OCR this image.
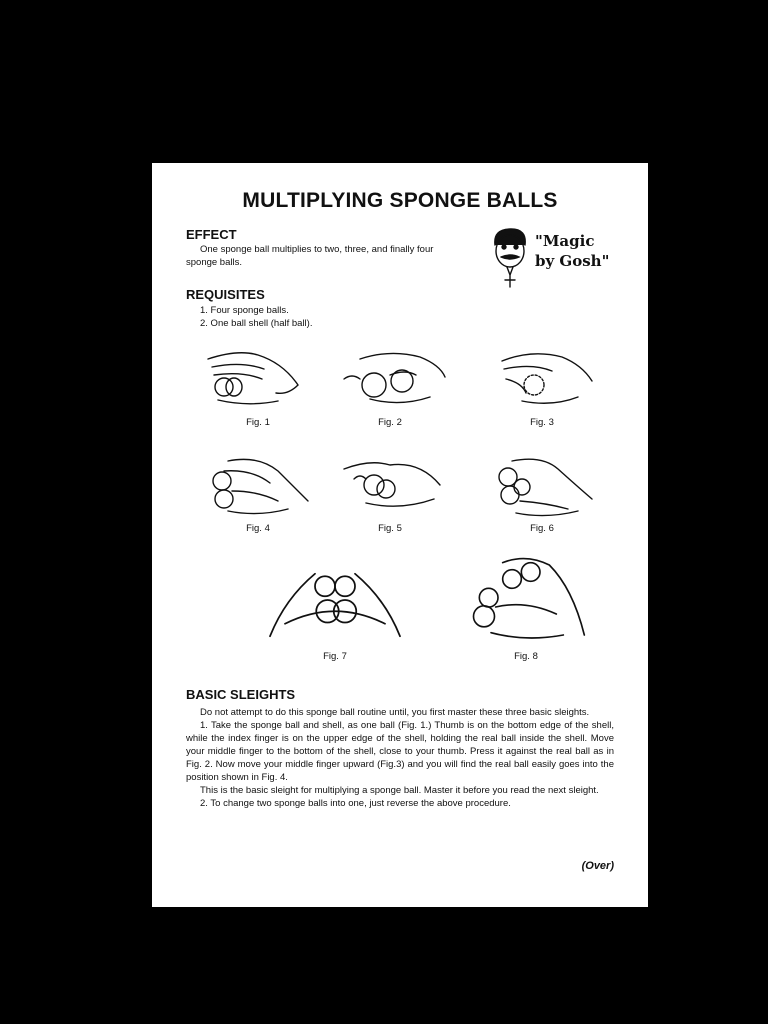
MULTIPLYING SPONGE BALLS
EFFECT

One sponge ball multiplies to two, three, and finally four sponge balls.

"Magic
by Gosh"
REQUISITES
1. Four sponge balls.
2. One ball shell (half ball).
Fig. 1	Fig. 2	Fig. 3
Fig. 4	Fig. 5	Fig. 6
Fig. 7	Fig. 8
BASIC SLEIGHTS

Do not attempt to do this sponge ball routine until, you first master these three basic sleights.

1. Take the sponge ball and shell, as one ball (Fig. 1.) Thumb is on the bottom edge of the shell, while the index finger is on the upper edge of the shell, holding the real ball inside the shell. Move your middle finger to the bottom of the shell, close to your thumb. Press it against the real ball as in Fig. 2. Now move your middle finger upward (Fig.3) and you will find the real ball easily goes into the position shown in Fig. 4.

This is the basic sleight for multiplying a sponge ball. Master it before you read the next sleight.

2. To change two sponge balls into one, just reverse the above procedure.

(Over)
